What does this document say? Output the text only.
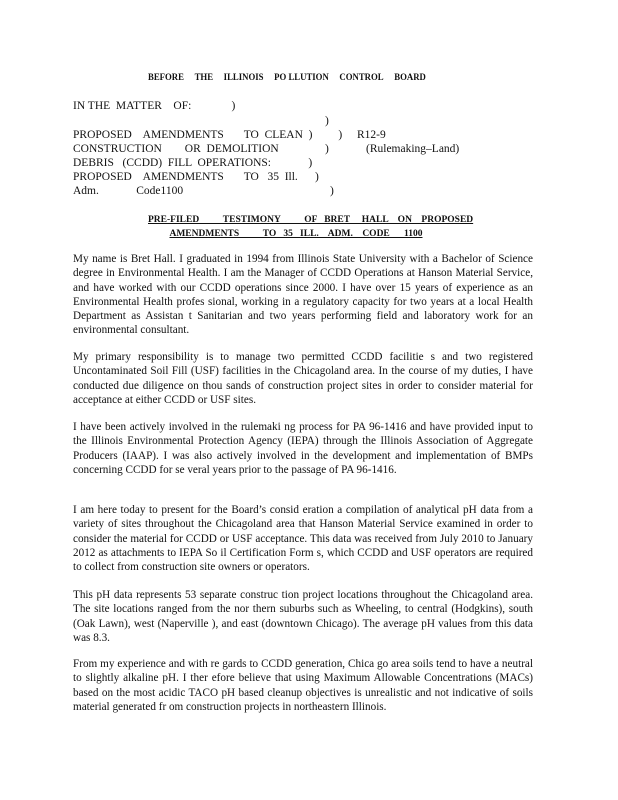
BEFORE THE ILLINOIS PO LLUTION CONTROL BOARD
IN THE  MATTER    OF:              )
)
PROPOSED    AMENDMENTS       TO  CLEAN  )         ) R12-9
CONSTRUCTION        OR  DEMOLITION	)	(Rulemaking–Land)
DEBRIS   (CCDD)  FILL  OPERATIONS:             )
PROPOSED    AMENDMENTS       TO   35  Ill.      )
Adm.             Code1100	)
PRE-FILED          TESTIMONY          OF   BRET     HALL    ON    PROPOSED
AMENDMENTS          TO   35   ILL.    ADM.    CODE      1100

My name is Bret Hall. I graduated in 1994 from Illinois State University with a Bachelor of Science degree in Environmental Health. I am the Manager of CCDD Operations at Hanson Material Service, and have worked with our CCDD operations since 2000. I have over 15 years of experience as an Environmental Health profes sional, working in a regulatory capacity for two years at a local Health Department as Assistan t Sanitarian and two years performing field and laboratory work for an environmental consultant.

My primary responsibility is to manage two permitted CCDD facilitie s and two registered Uncontaminated Soil Fill (USF) facilities in the Chicagoland area. In the course of my duties, I have conducted due diligence on thou sands of construction project sites in order to consider material for acceptance at either CCDD or USF sites.

I have been actively involved in the rulemaki ng process for PA 96-1416 and have provided input to the Illinois Environmental Protection Agency (IEPA) through the Illinois Association of Aggregate Producers (IAAP). I was also actively involved in the development and implementation of BMPs concerning CCDD for se veral years prior to the passage of PA 96-1416.

I am here today to present for the Board’s consid eration a compilation of analytical pH data from a variety of sites throughout the Chicagoland area that Hanson Material Service examined in order to consider the material for CCDD or USF acceptance. This data was received from July 2010 to January 2012 as attachments to IEPA So il Certification Form s, which CCDD and USF operators are required to collect from construction site owners or operators.

This pH data represents 53 separate construc tion project locations throughout the Chicagoland area. The site locations ranged from the nor thern suburbs such as Wheeling, to central (Hodgkins), south (Oak Lawn), west (Naperville ), and east (downtown Chicago). The average pH values from this data was 8.3.

From my experience and with re gards to CCDD generation, Chica go area soils tend to have a neutral to slightly alkaline pH. I ther efore believe that using Maximum Allowable Concentrations (MACs) based on the most acidic TACO pH based cleanup objectives is unrealistic and not indicative of soils material generated fr om construction projects in northeastern Illinois.
